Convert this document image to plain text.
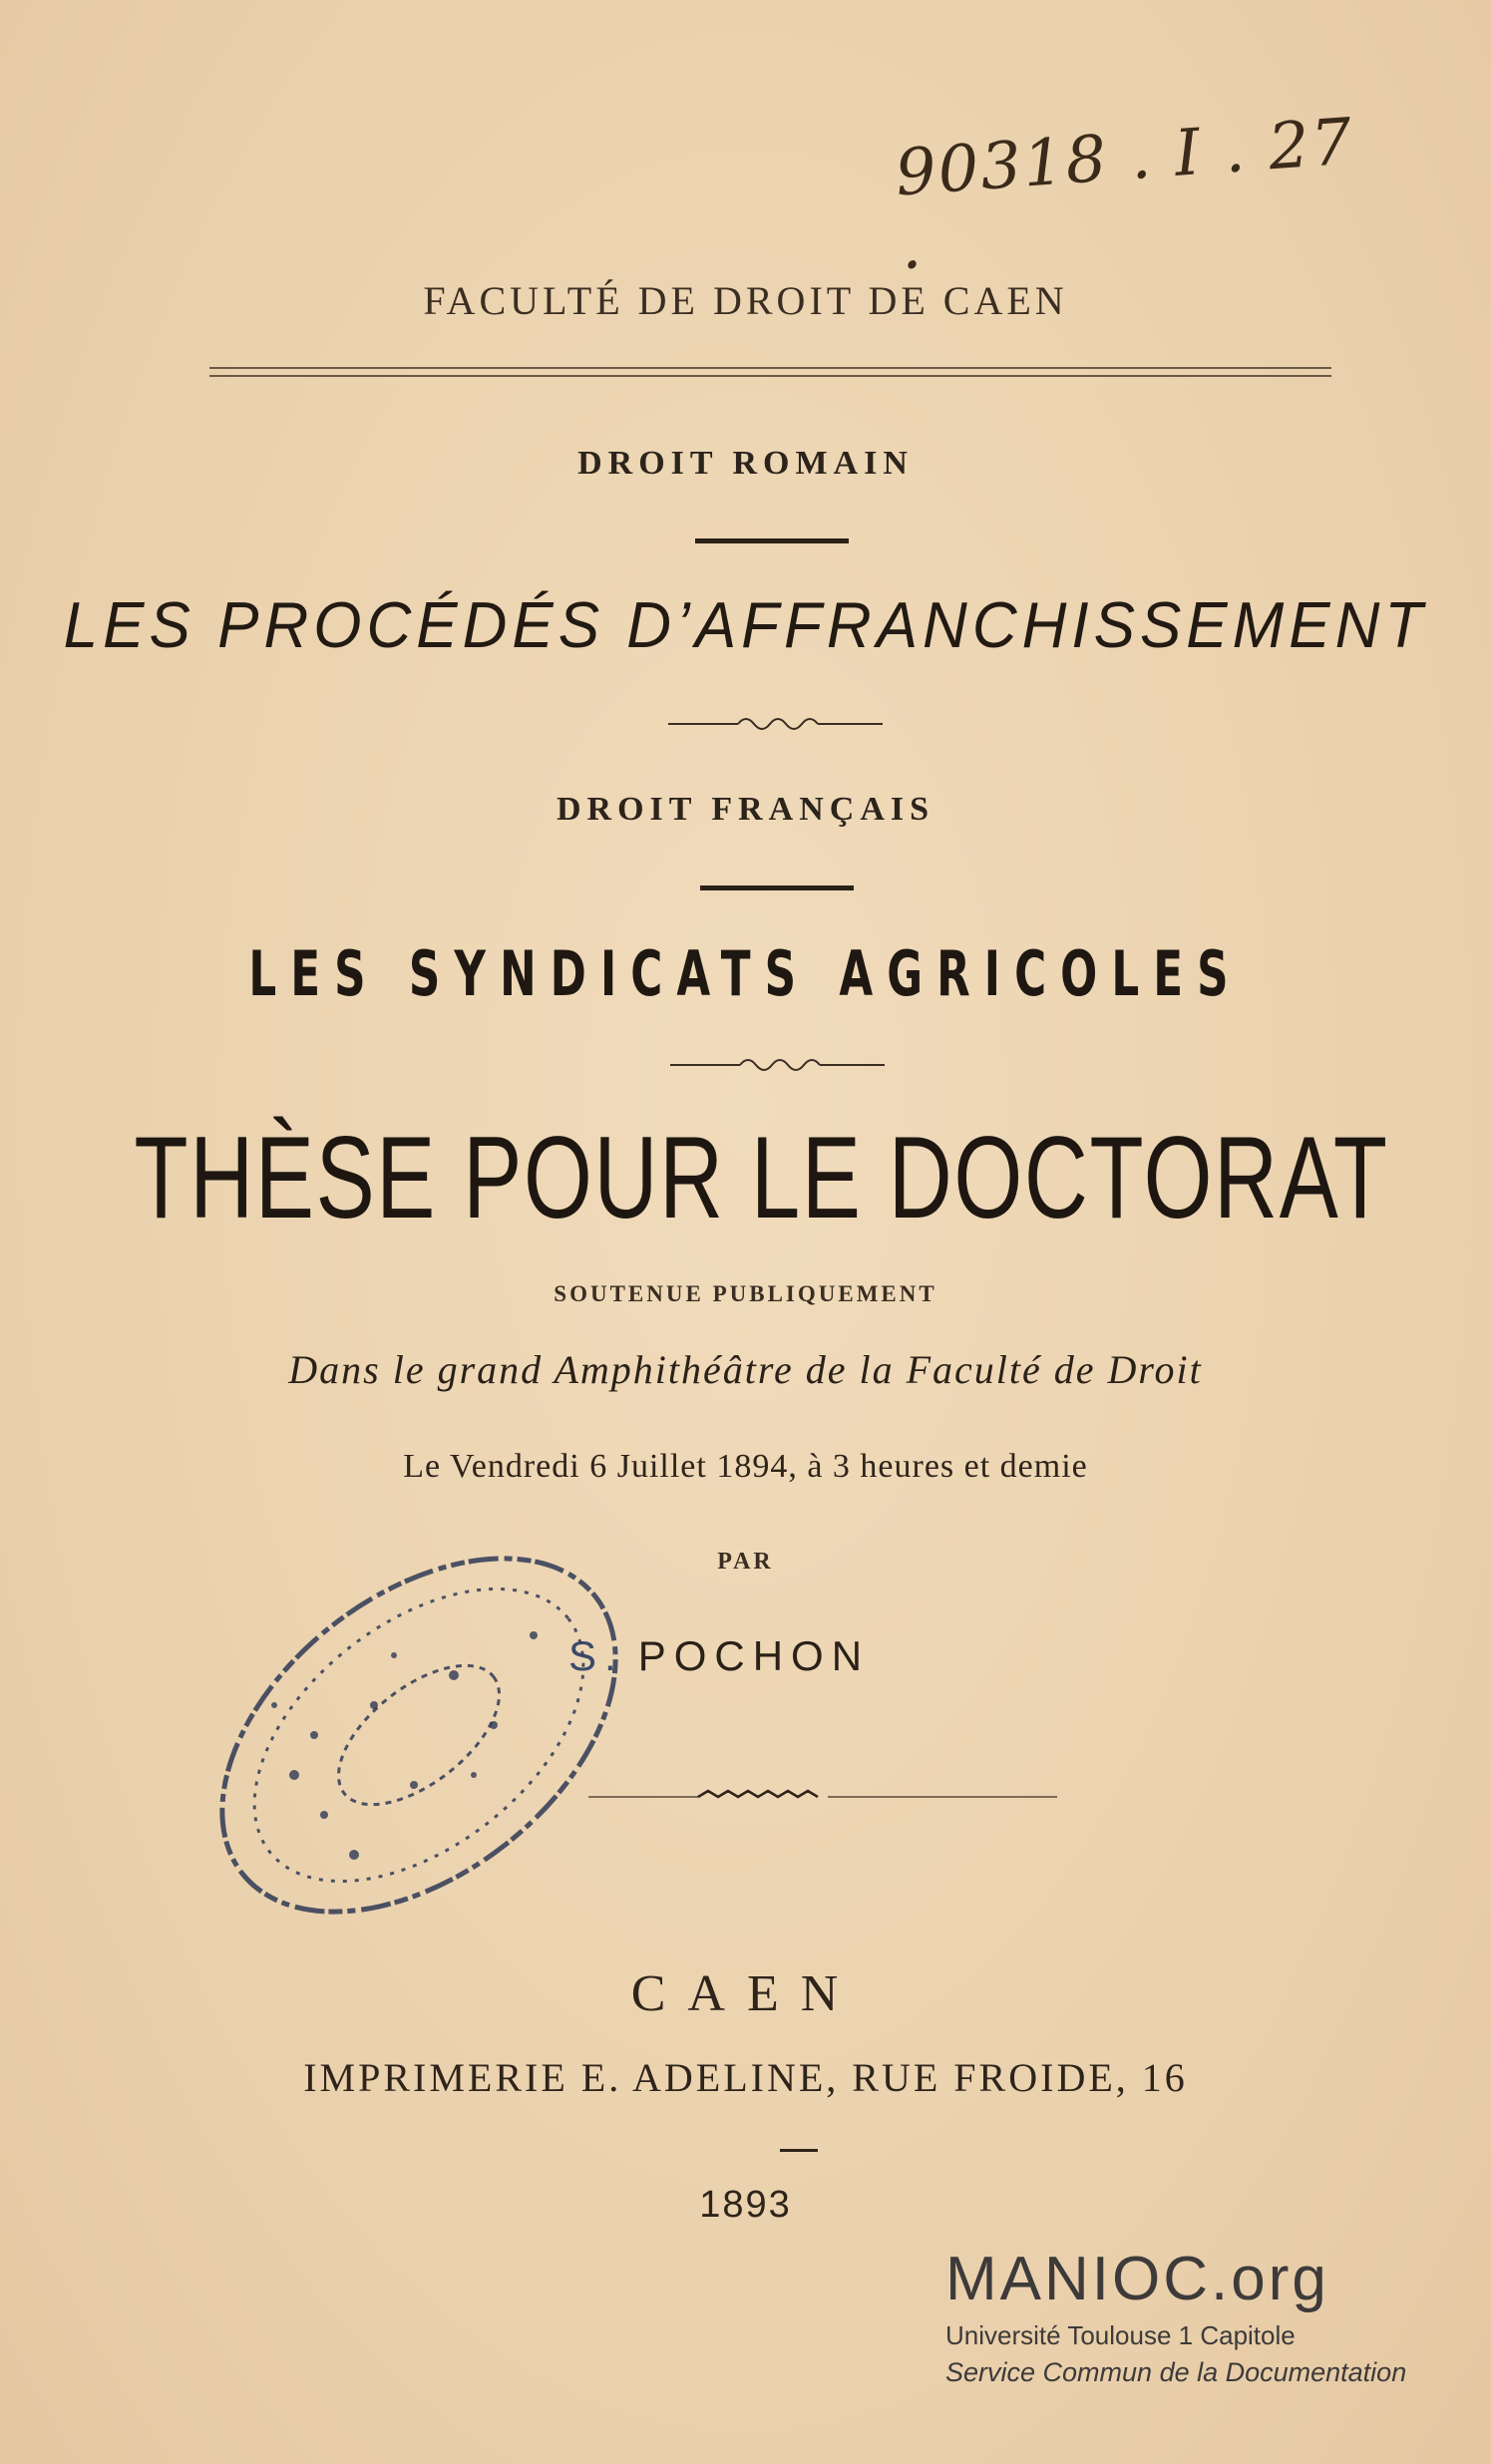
90318 . I . 27 .
FACULTÉ DE DROIT DE CAEN
DROIT ROMAIN
LES PROCÉDÉS D’AFFRANCHISSEMENT
DROIT FRANÇAIS
LES SYNDICATS AGRICOLES
THÈSE POUR LE DOCTORAT
SOUTENUE PUBLIQUEMENT
Dans le grand Amphithéâtre de la Faculté de Droit
Le Vendredi 6 Juillet 1894, à 3 heures et demie
PAR
S. POCHON
CAEN
IMPRIMERIE E. ADELINE, RUE FROIDE, 16
1893
MANIOC.org
Université Toulouse 1 Capitole
Service Commun de la Documentation
